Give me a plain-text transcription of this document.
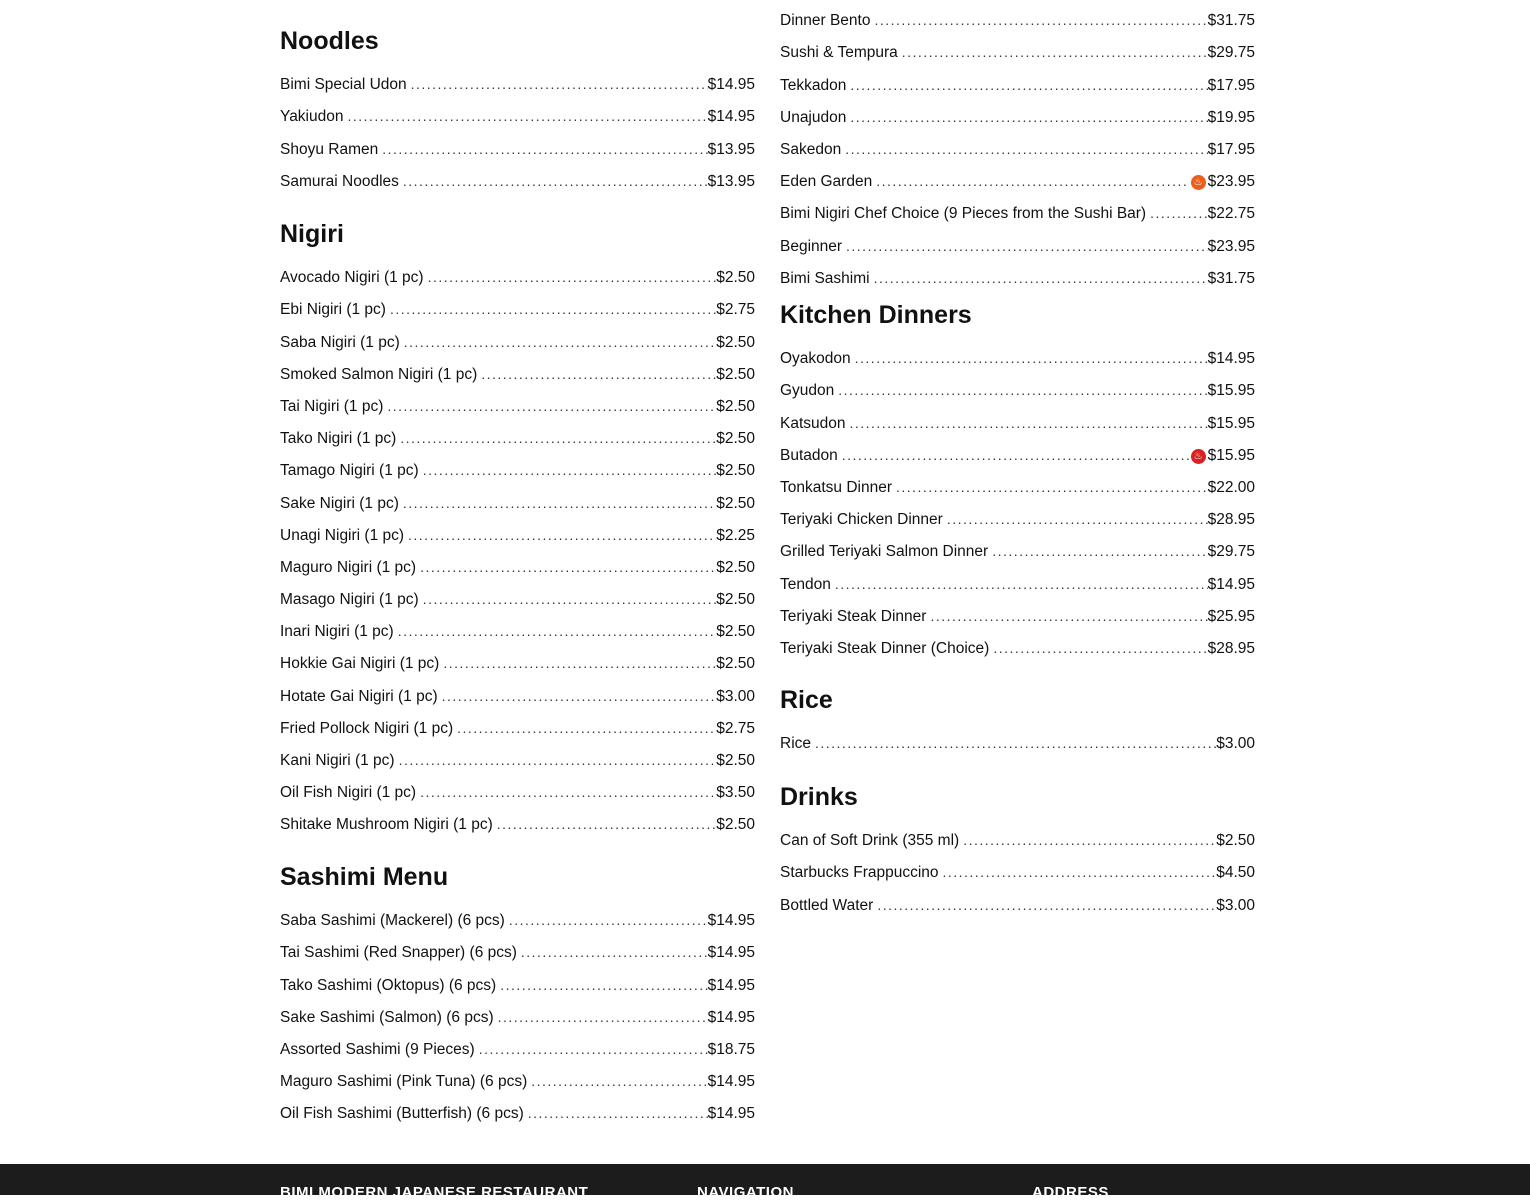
Noodles
Bimi Special Udon . . .	$14.95
Yakiudon . . .	$14.95
Shoyu Ramen . . .	$13.95
Samurai Noodles . . .	$13.95
Nigiri
Avocado Nigiri (1 pc) . . .	$2.50
Ebi Nigiri (1 pc) . . .	$2.75
Saba Nigiri (1 pc) . . .	$2.50
Smoked Salmon Nigiri (1 pc) . . .	$2.50
Tai Nigiri (1 pc) . . .	$2.50
Tako Nigiri (1 pc) . . .	$2.50
Tamago Nigiri (1 pc) . . .	$2.50
Sake Nigiri (1 pc) . . .	$2.50
Unagi Nigiri (1 pc) . . .	$2.25
Maguro Nigiri (1 pc) . . .	$2.50
Masago Nigiri (1 pc) . . .	$2.50
Inari Nigiri (1 pc) . . .	$2.50
Hokkie Gai Nigiri (1 pc) . . .	$2.50
Hotate Gai Nigiri (1 pc) . . .	$3.00
Fried Pollock Nigiri (1 pc) . . .	$2.75
Kani Nigiri (1 pc) . . .	$2.50
Oil Fish Nigiri (1 pc) . . .	$3.50
Shitake Mushroom Nigiri (1 pc) . . .	$2.50
Sashimi Menu
Saba Sashimi (Mackerel) (6 pcs) . . .	$14.95
Tai Sashimi (Red Snapper) (6 pcs) . . .	$14.95
Tako Sashimi (Oktopus) (6 pcs) . . .	$14.95
Sake Sashimi (Salmon) (6 pcs) . . .	$14.95
Assorted Sashimi (9 Pieces) . . .	$18.75
Maguro Sashimi (Pink Tuna) (6 pcs) . . .	$14.95
Oil Fish Sashimi (Butterfish) (6 pcs) . . .	$14.95
Dinner Bento . . .	$31.75
Sushi & Tempura . . .	$29.75
Tekkadon . . .	$17.95
Unajudon . . .	$19.95
Sakedon . . .	$17.95
Eden Garden . . .	♨ $23.95
Bimi Nigiri Chef Choice (9 Pieces from the Sushi Bar) . . .	$22.75
Beginner . . .	$23.95
Bimi Sashimi . . .	$31.75
Kitchen Dinners
Oyakodon . . .	$14.95
Gyudon . . .	$15.95
Katsudon . . .	$15.95
Butadon . . .	♨ $15.95
Tonkatsu Dinner . . .	$22.00
Teriyaki Chicken Dinner . . .	$28.95
Grilled Teriyaki Salmon Dinner . . .	$29.75
Tendon . . .	$14.95
Teriyaki Steak Dinner . . .	$25.95
Teriyaki Steak Dinner (Choice) . . .	$28.95
Rice
Rice . . .	$3.00
Drinks
Can of Soft Drink (355 ml) . . .	$2.50
Starbucks Frappuccino . . .	$4.50
Bottled Water . . .	$3.00
BIMI MODERN JAPANESE RESTAURANT	NAVIGATION	ADDRESS
